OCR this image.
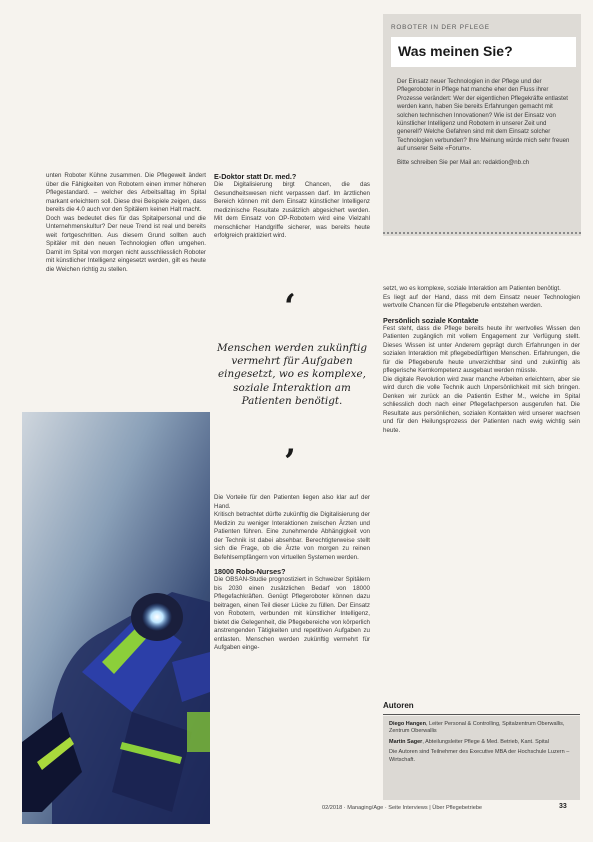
ROBOTER IN DER PFLEGE
Was meinen Sie?

Der Einsatz neuer Technologien in der Pflege und der Pflegeroboter in Pflege hat manche eher den Fluss ihrer Prozesse verändert: Wer der eigentlichen Pflegekräfte entlastet werden kann, haben Sie bereits Erfahrungen gemacht mit solchen technischen Innovationen? Wie ist der Einsatz von künstlicher Intelligenz und Robotern in unserer Zeit und generell? Welche Gefahren sind mit dem Einsatz solcher Technologien verbunden? Ihre Meinung würde mich sehr freuen auf unserer Seite «Forum».

Bitte schreiben Sie per Mail an: redaktion@nb.ch

unten Roboter Kühne zusammen. Die Pflegewelt ändert über die Fähigkeiten von Robotern einen immer höheren Pflegestandard. – welcher des Arbeitsalltag im Spital markant erleichtern soll. Diese drei Beispiele zeigen, dass bereits die 4.0 auch vor den Spitälern keinen Halt macht.

Doch was bedeutet dies für das Spitalpersonal und die Unternehmenskultur? Der neue Trend ist real und bereits weit fortgeschritten. Aus diesem Grund sollten auch Spitäler mit den neuen Technologien offen umgehen. Damit im Spital von morgen nicht ausschliesslich Roboter mit künstlicher Intelligenz eingesetzt werden, gilt es heute die Weichen richtig zu stellen.

E-Doktor statt Dr. med.?

Die Digitalisierung birgt Chancen, die das Gesundheitswesen nicht verpassen darf. Im ärztlichen Bereich können mit dem Einsatz künstlicher Intelligenz medizinische Resultate zusätzlich abgesichert werden. Mit dem Einsatz von OP-Robotern wird eine Vielzahl menschlicher Handgriffe sicherer, was bereits heute erfolgreich praktiziert wird.

‘
Menschen werden zukünftig vermehrt für Aufgaben eingesetzt, wo es komplexe, soziale Interaktion am Patienten benötigt.
’

Die Vorteile für den Patienten liegen also klar auf der Hand.

Kritisch betrachtet dürfte zukünftig die Digitalisierung der Medizin zu weniger Interaktionen zwischen Ärzten und Patienten führen. Eine zunehmende Abhängigkeit von der Technik ist dabei absehbar. Berechtigterweise stellt sich die Frage, ob die Ärzte von morgen zu reinen Befehlsempfängern von virtuellen Systemen werden.

18000 Robo-Nurses?

Die OBSAN-Studie prognostiziert in Schweizer Spitälern bis 2030 einen zusätzlichen Bedarf von 18000 Pflegefachkräften. Genügt Pflegeroboter können dazu beitragen, einen Teil dieser Lücke zu füllen. Der Einsatz von Robotern, verbunden mit künstlicher Intelligenz, bietet die Gelegenheit, die Pflegebereiche von körperlich anstrengenden Tätigkeiten und repetitiven Aufgaben zu entlasten. Menschen werden zukünftig vermehrt für Aufgaben einge-

setzt, wo es komplexe, soziale Interaktion am Patienten benötigt.

Es liegt auf der Hand, dass mit dem Einsatz neuer Technologien wertvolle Chancen für die Pflegeberufe entstehen werden.

Persönlich soziale Kontakte

Fest steht, dass die Pflege bereits heute ihr wertvolles Wissen den Patienten zugänglich mit vollem Engagement zur Verfügung stellt. Dieses Wissen ist unter Anderem geprägt durch Erfahrungen in der sozialen Interaktion mit pflegebedürftigen Menschen. Erfahrungen, die für die Pflegeberufe heute unverzichtbar sind und zukünftig als pflegerische Kernkompetenz ausgebaut werden müsste.

Die digitale Revolution wird zwar manche Arbeiten erleichtern, aber sie wird durch die volle Technik auch Unpersönlichkeit mit sich bringen. Denken wir zurück an die Patientin Esther M., welche im Spital schliesslich doch nach einer Pflegefachperson ausgerufen hat. Die Resultate aus persönlichen, sozialen Kontakten wird unserer wachsen und für den Heilungsprozess der Patienten nach ewig wichtig sein heute.

Autoren

Diego Hangen, Leiter Personal & Controlling, Spitalzentrum Oberwallis, Zentrum Oberwallis

Martin Sager, Abteilungsleiter Pflege & Med. Betrieb, Kant. Spital

Die Autoren sind Teilnehmer des Executive MBA der Hochschule Luzern – Wirtschaft.

02/2018 · Managing/Age · Seite Interviews | Über Pflegebetriebe	33
